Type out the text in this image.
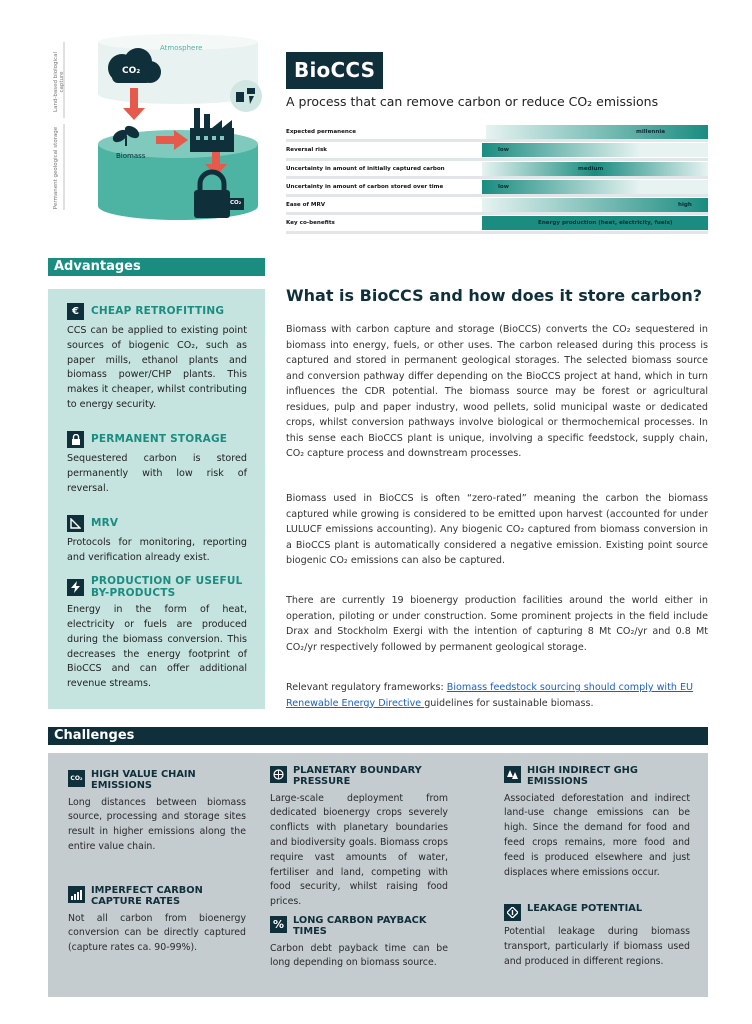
Atmosphere
CO₂
Biomass
CO₂
Storage
Land-based biological capture
Permanent geological storage
BioCCS
A process that can remove carbon or reduce CO₂ emissions
Expected permanence	millennia
Reversal risk	low
Uncertainty in amount of initially captured carbon	medium
Uncertainty in amount of carbon stored over time	low
Ease of MRV	high
Key co-benefits	Energy production (heat, electricity, fuels)
Advantages
€	CHEAP RETROFITTING
CCS can be applied to existing point sources of biogenic CO₂, such as paper mills, ethanol plants and biomass power/CHP plants. This makes it cheaper, whilst contributing to energy security.
PERMANENT STORAGE
Sequestered carbon is stored permanently with low risk of reversal.
MRV
Protocols for monitoring, reporting and verification already exist.
PRODUCTION OF USEFUL BY-PRODUCTS
Energy in the form of heat, electricity or fuels are produced during the biomass conversion. This decreases the energy footprint of BioCCS and can offer additional revenue streams.
What is BioCCS and how does it store carbon?

Biomass with carbon capture and storage (BioCCS) converts the CO₂ sequestered in biomass into energy, fuels, or other uses. The carbon released during this process is captured and stored in permanent geological storages. The selected biomass source and conversion pathway differ depending on the BioCCS project at hand, which in turn influences the CDR potential. The biomass source may be forest or agricultural residues, pulp and paper industry, wood pellets, solid municipal waste or dedicated crops, whilst conversion pathways involve biological or thermochemical processes. In this sense each BioCCS plant is unique, involving a specific feedstock, supply chain, CO₂ capture process and downstream processes.

Biomass used in BioCCS is often “zero-rated” meaning the carbon the biomass captured while growing is considered to be emitted upon harvest (accounted for under LULUCF emissions accounting). Any biogenic CO₂ captured from biomass conversion in a BioCCS plant is automatically considered a negative emission. Existing point source biogenic CO₂ emissions can also be captured.

There are currently 19 bioenergy production facilities around the world either in operation, piloting or under construction. Some prominent projects in the field include Drax and Stockholm Exergi with the intention of capturing 8 Mt CO₂/yr and 0.8 Mt CO₂/yr respectively followed by permanent geological storage.

Relevant regulatory frameworks: Biomass feedstock sourcing should comply with EU Renewable Energy Directive guidelines for sustainable biomass.

Challenges
CO₂ HIGH VALUE CHAIN EMISSIONS
Long distances between biomass source, processing and storage sites result in higher emissions along the entire value chain.
IMPERFECT CARBON CAPTURE RATES
Not all carbon from bioenergy conversion can be directly captured (capture rates ca. 90-99%).
PLANETARY BOUNDARY PRESSURE
Large-scale deployment from dedicated bioenergy crops severely conflicts with planetary boundaries and biodiversity goals. Biomass crops require vast amounts of water, fertiliser and land, competing with food security, whilst raising food prices.
% LONG CARBON PAYBACK TIMES
Carbon debt payback time can be long depending on biomass source.
HIGH INDIRECT GHG EMISSIONS
Associated deforestation and indirect land-use change emissions can be high. Since the demand for food and feed crops remains, more food and feed is produced elsewhere and just displaces where emissions occur.
LEAKAGE POTENTIAL
Potential leakage during biomass transport, particularly if biomass used and produced in different regions.
